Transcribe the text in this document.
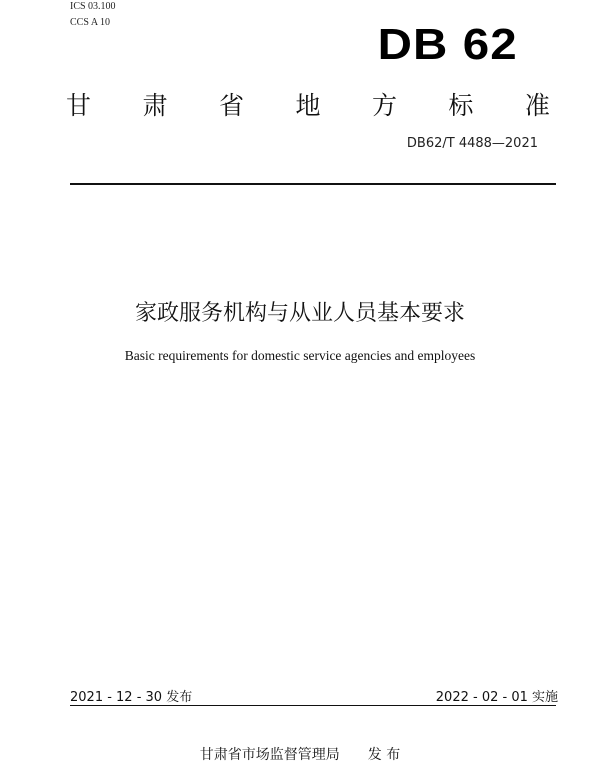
ICS 03.100
CCS A 10	DB 62
甘 肃 省 地 方 标 准
DB62/T 4488—2021
家政服务机构与从业人员基本要求
Basic requirements for domestic service agencies and employees
2021 - 12 - 30 发布	2022 - 02 - 01 实施
甘肃省市场监督管理局　　发 布
